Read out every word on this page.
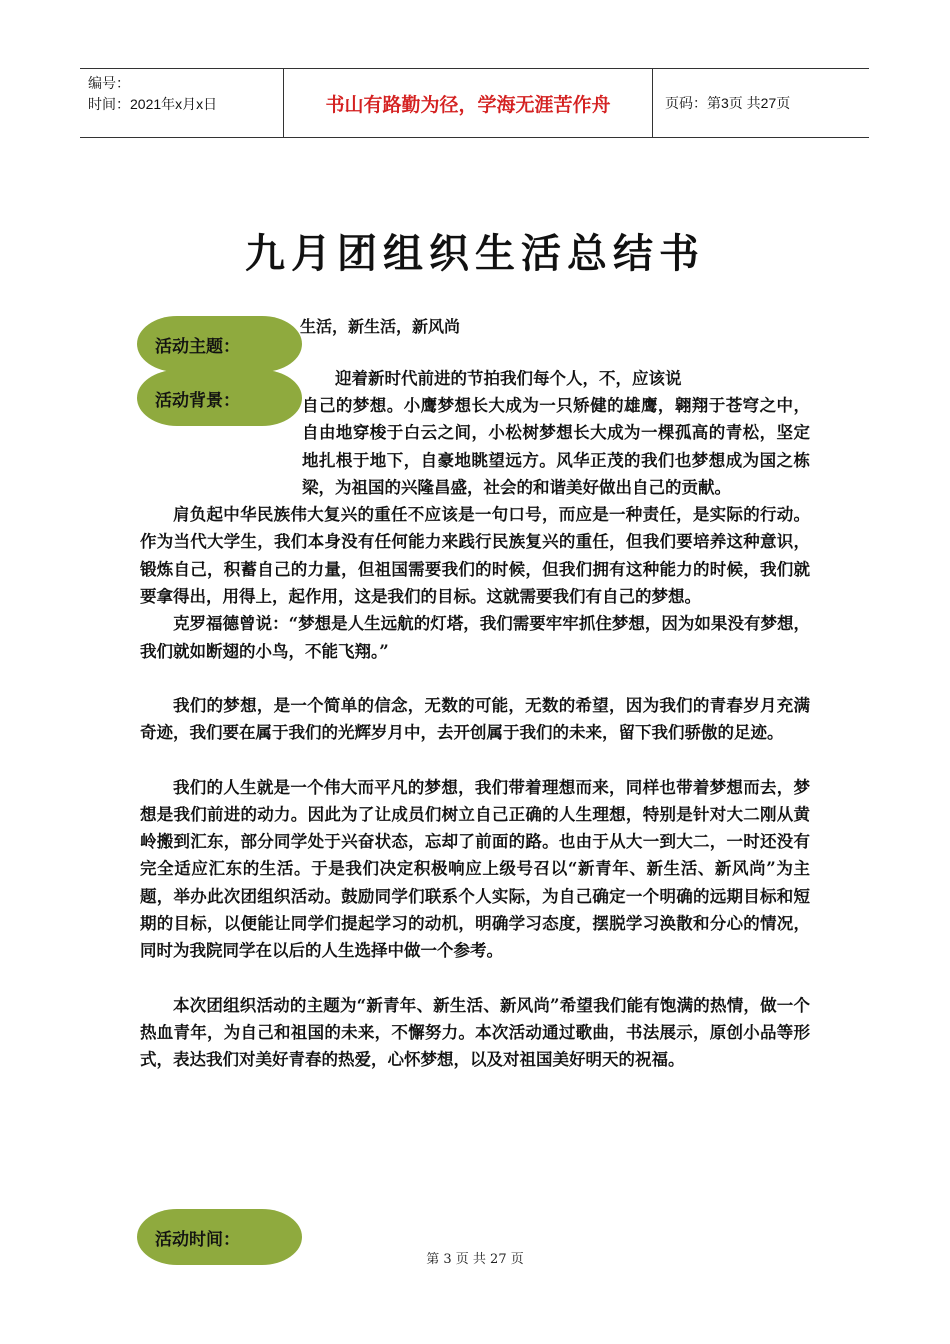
编号：
时间：2021年x月x日	书山有路勤为径，学海无涯苦作舟	页码：第3页 共27页
九月团组织生活总结书
生活，新生活，新风尚
活动主题：
活动背景：

迎着新时代前进的节拍我们每个人，不，应该说

自己的梦想。小鹰梦想长大成为一只矫健的雄鹰，翱翔于苍穹之中，自由地穿梭于白云之间，小松树梦想长大成为一棵孤高的青松，坚定地扎根于地下，自豪地眺望远方。风华正茂的我们也梦想成为国之栋梁，为祖国的兴隆昌盛，社会的和谐美好做出自己的贡献。

肩负起中华民族伟大复兴的重任不应该是一句口号，而应是一种责任，是实际的行动。作为当代大学生，我们本身没有任何能力来践行民族复兴的重任，但我们要培养这种意识，锻炼自己，积蓄自己的力量，但祖国需要我们的时候，但我们拥有这种能力的时候，我们就要拿得出，用得上，起作用，这是我们的目标。这就需要我们有自己的梦想。

克罗福德曾说：“梦想是人生远航的灯塔，我们需要牢牢抓住梦想，因为如果没有梦想，我们就如断翅的小鸟，不能飞翔。”

我们的梦想，是一个简单的信念，无数的可能，无数的希望，因为我们的青春岁月充满奇迹，我们要在属于我们的光辉岁月中，去开创属于我们的未来，留下我们骄傲的足迹。

我们的人生就是一个伟大而平凡的梦想，我们带着理想而来，同样也带着梦想而去，梦想是我们前进的动力。因此为了让成员们树立自己正确的人生理想，特别是针对大二刚从黄岭搬到汇东，部分同学处于兴奋状态，忘却了前面的路。也由于从大一到大二，一时还没有完全适应汇东的生活。于是我们决定积极响应上级号召以“新青年、新生活、新风尚”为主题，举办此次团组织活动。鼓励同学们联系个人实际，为自己确定一个明确的远期目标和短期的目标，以便能让同学们提起学习的动机，明确学习态度，摆脱学习涣散和分心的情况，同时为我院同学在以后的人生选择中做一个参考。

本次团组织活动的主题为“新青年、新生活、新风尚”希望我们能有饱满的热情，做一个热血青年，为自己和祖国的未来，不懈努力。本次活动通过歌曲，书法展示，原创小品等形式，表达我们对美好青春的热爱，心怀梦想，以及对祖国美好明天的祝福。

活动时间：
第 3 页 共 27 页
